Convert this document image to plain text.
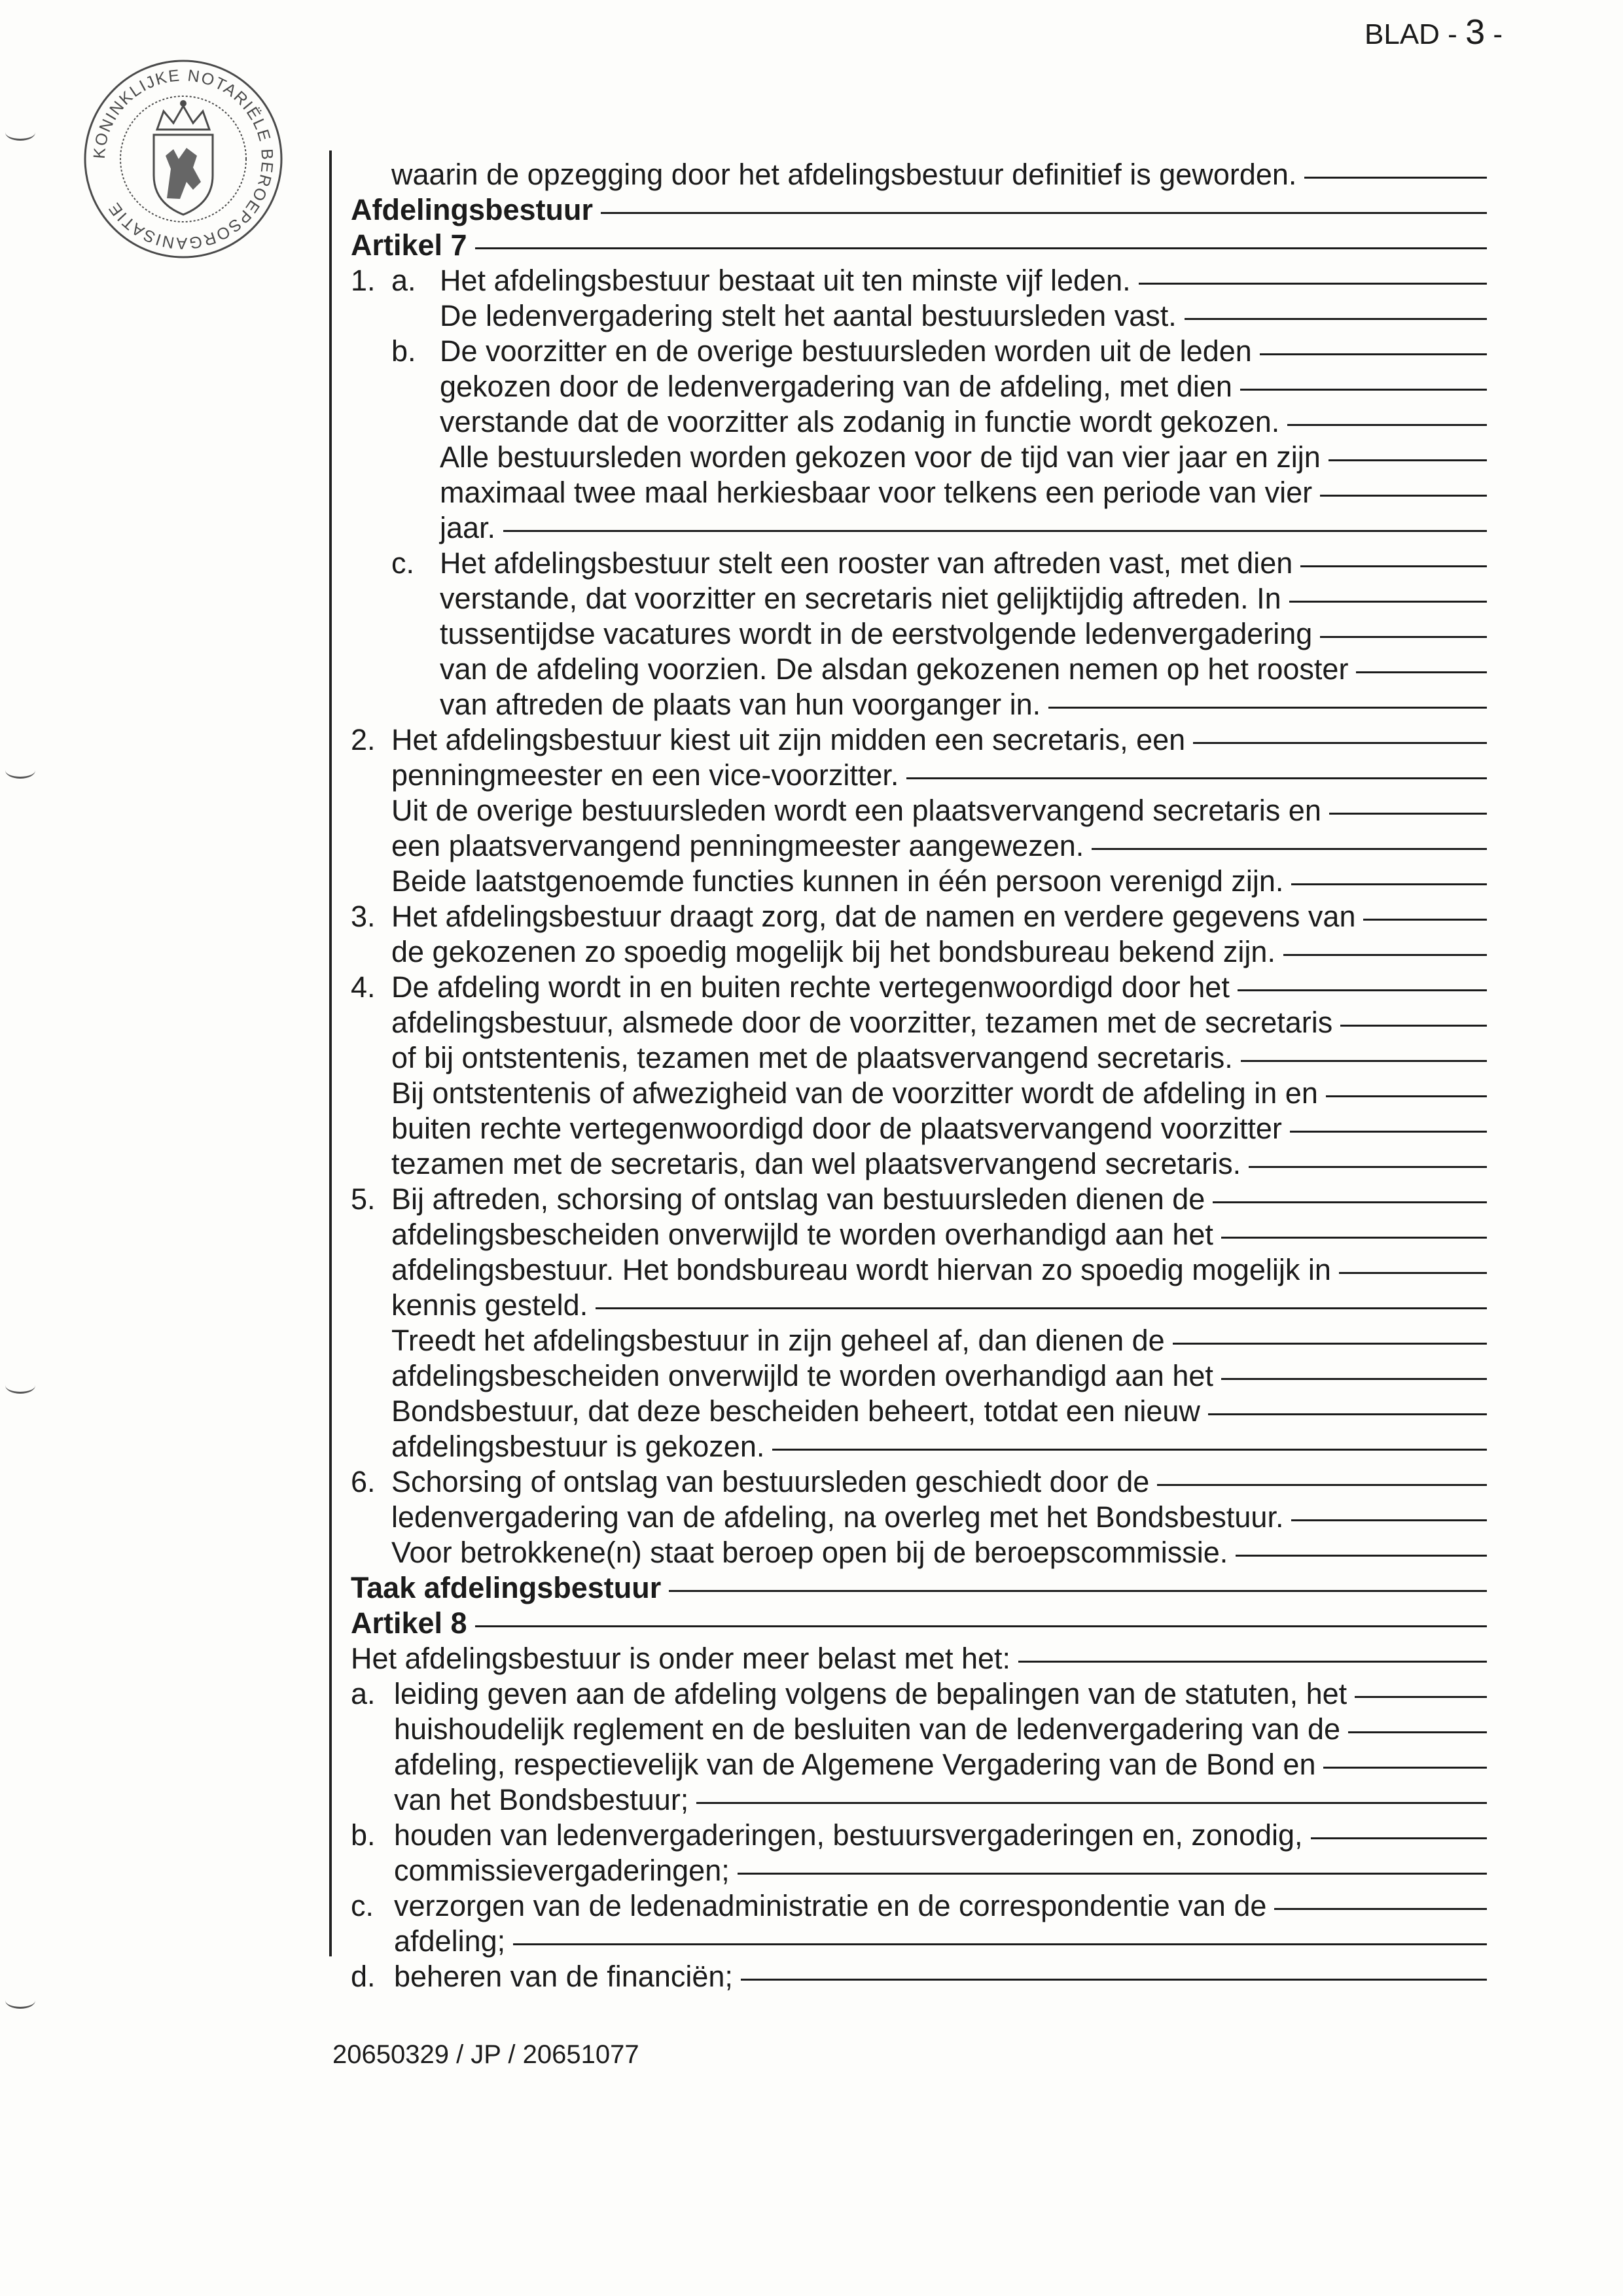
BLAD - 3 -
KONINKLIJKE NOTARIËLE BEROEPSORGANISATIE
waarin de opzegging door het afdelingsbestuur definitief is geworden.
Afdelingsbestuur
Artikel 7
1. a. Het afdelingsbestuur bestaat uit ten minste vijf leden.
De ledenvergadering stelt het aantal bestuursleden vast.
b. De voorzitter en de overige bestuursleden worden uit de leden
gekozen door de ledenvergadering van de afdeling, met dien
verstande dat de voorzitter als zodanig in functie wordt gekozen.
Alle bestuursleden worden gekozen voor de tijd van vier jaar en zijn
maximaal twee maal herkiesbaar voor telkens een periode van vier
jaar.
c. Het afdelingsbestuur stelt een rooster van aftreden vast, met dien
verstande, dat voorzitter en secretaris niet gelijktijdig aftreden. In
tussentijdse vacatures wordt in de eerstvolgende ledenvergadering
van de afdeling voorzien. De alsdan gekozenen nemen op het rooster
van aftreden de plaats van hun voorganger in.
2. Het afdelingsbestuur kiest uit zijn midden een secretaris, een
penningmeester en een vice-voorzitter.
Uit de overige bestuursleden wordt een plaatsvervangend secretaris en
een plaatsvervangend penningmeester aangewezen.
Beide laatstgenoemde functies kunnen in één persoon verenigd zijn.
3. Het afdelingsbestuur draagt zorg, dat de namen en verdere gegevens van
de gekozenen zo spoedig mogelijk bij het bondsbureau bekend zijn.
4. De afdeling wordt in en buiten rechte vertegenwoordigd door het
afdelingsbestuur, alsmede door de voorzitter, tezamen met de secretaris
of bij ontstentenis, tezamen met de plaatsvervangend secretaris.
Bij ontstentenis of afwezigheid van de voorzitter wordt de afdeling in en
buiten rechte vertegenwoordigd door de plaatsvervangend voorzitter
tezamen met de secretaris, dan wel plaatsvervangend secretaris.
5. Bij aftreden, schorsing of ontslag van bestuursleden dienen de
afdelingsbescheiden onverwijld te worden overhandigd aan het
afdelingsbestuur. Het bondsbureau wordt hiervan zo spoedig mogelijk in
kennis gesteld.
Treedt het afdelingsbestuur in zijn geheel af, dan dienen de
afdelingsbescheiden onverwijld te worden overhandigd aan het
Bondsbestuur, dat deze bescheiden beheert, totdat een nieuw
afdelingsbestuur is gekozen.
6. Schorsing of ontslag van bestuursleden geschiedt door de
ledenvergadering van de afdeling, na overleg met het Bondsbestuur.
Voor betrokkene(n) staat beroep open bij de beroepscommissie.
Taak afdelingsbestuur
Artikel 8
Het afdelingsbestuur is onder meer belast met het:
a. leiding geven aan de afdeling volgens de bepalingen van de statuten, het
huishoudelijk reglement en de besluiten van de ledenvergadering van de
afdeling, respectievelijk van de Algemene Vergadering van de Bond en
van het Bondsbestuur;
b. houden van ledenvergaderingen, bestuursvergaderingen en, zonodig,
commissievergaderingen;
c. verzorgen van de ledenadministratie en de correspondentie van de
afdeling;
d. beheren van de financiën;
20650329 / JP / 20651077
